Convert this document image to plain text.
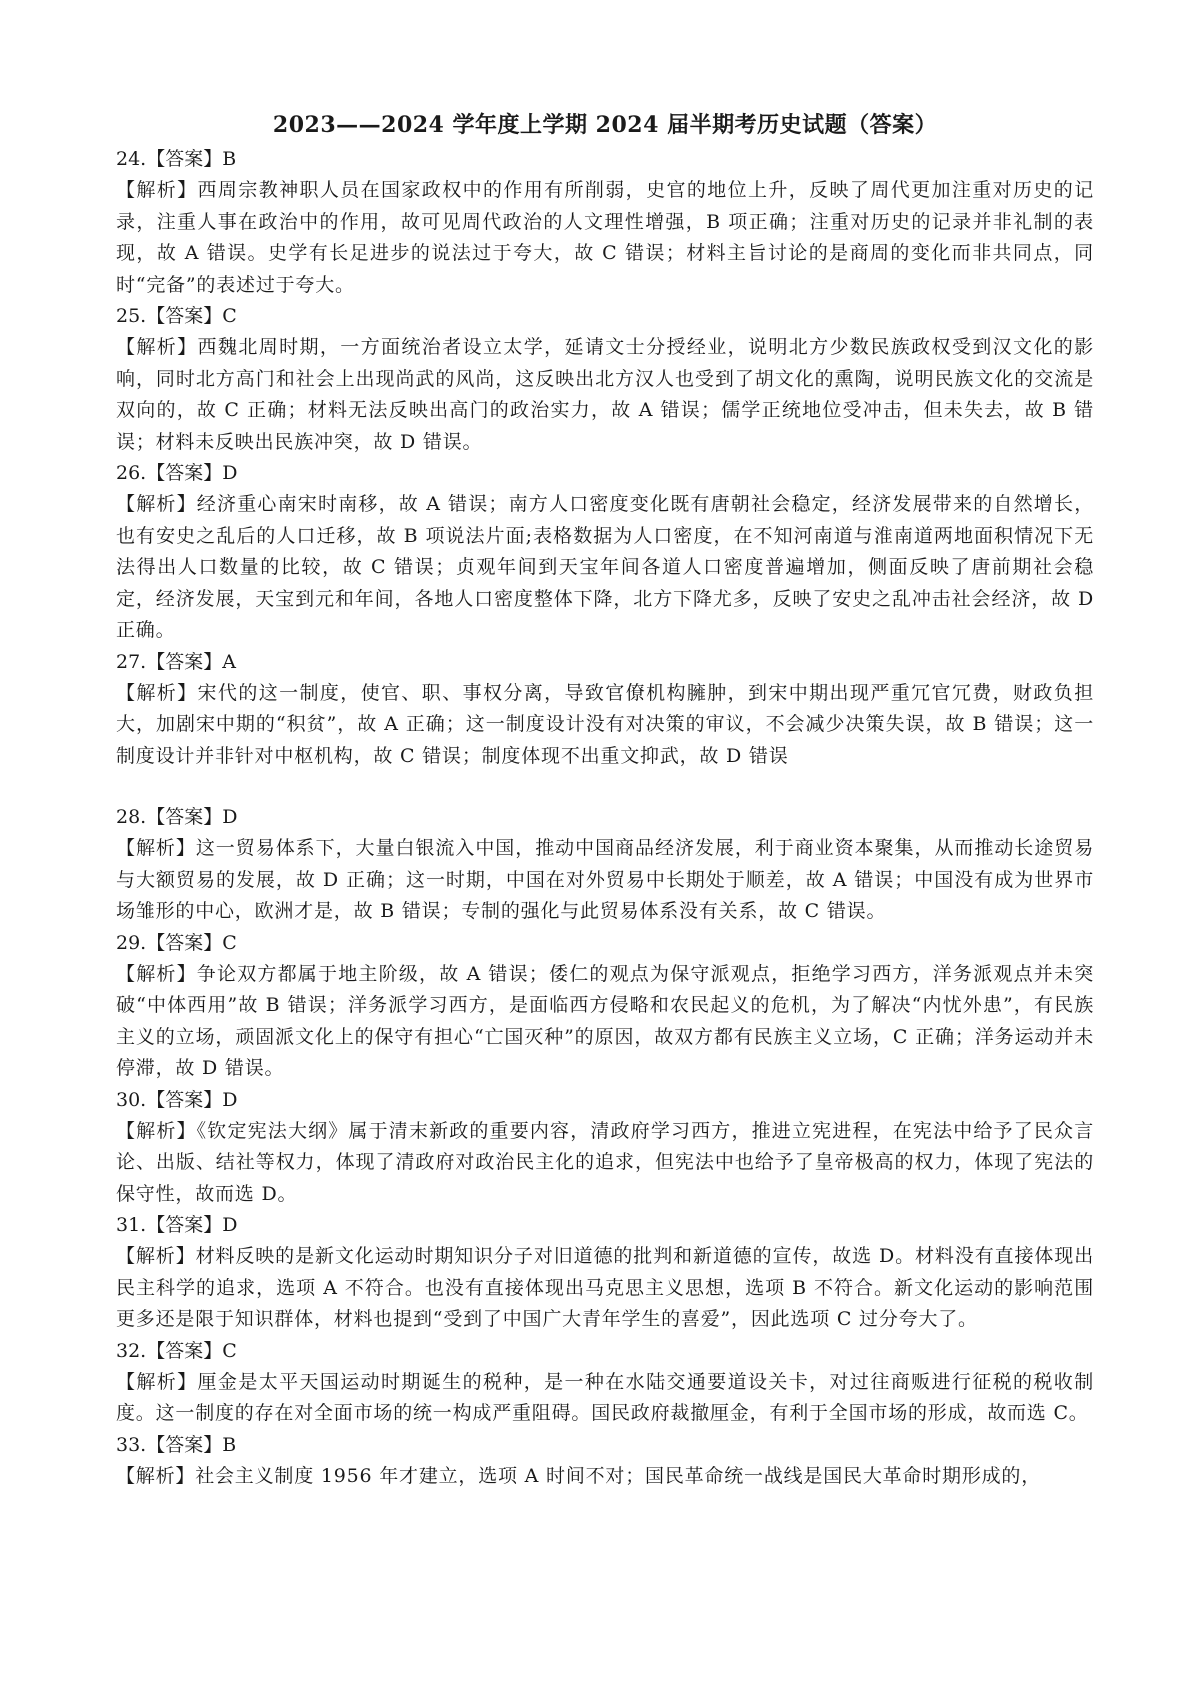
2023——2024 学年度上学期 2024 届半期考历史试题（答案）

24.【答案】B

【解析】西周宗教神职人员在国家政权中的作用有所削弱，史官的地位上升，反映了周代更加注重对历史的记录，注重人事在政治中的作用，故可见周代政治的人文理性增强，B 项正确；注重对历史的记录并非礼制的表现，故 A 错误。史学有长足进步的说法过于夸大，故 C 错误；材料主旨讨论的是商周的变化而非共同点，同时“完备”的表述过于夸大。

25.【答案】C

【解析】西魏北周时期，一方面统治者设立太学，延请文士分授经业，说明北方少数民族政权受到汉文化的影响，同时北方高门和社会上出现尚武的风尚，这反映出北方汉人也受到了胡文化的熏陶，说明民族文化的交流是双向的，故 C 正确；材料无法反映出高门的政治实力，故 A 错误；儒学正统地位受冲击，但未失去，故 B 错误；材料未反映出民族冲突，故 D 错误。

26.【答案】D

【解析】经济重心南宋时南移，故 A 错误；南方人口密度变化既有唐朝社会稳定，经济发展带来的自然增长，也有安史之乱后的人口迁移，故 B 项说法片面;表格数据为人口密度，在不知河南道与淮南道两地面积情况下无法得出人口数量的比较，故 C 错误；贞观年间到天宝年间各道人口密度普遍增加，侧面反映了唐前期社会稳定，经济发展，天宝到元和年间，各地人口密度整体下降，北方下降尤多，反映了安史之乱冲击社会经济，故 D 正确。

27.【答案】A

【解析】宋代的这一制度，使官、职、事权分离，导致官僚机构臃肿，到宋中期出现严重冗官冗费，财政负担大，加剧宋中期的“积贫”，故 A 正确；这一制度设计没有对决策的审议，不会减少决策失误，故 B 错误；这一制度设计并非针对中枢机构，故 C 错误；制度体现不出重文抑武，故 D 错误

28.【答案】D

【解析】这一贸易体系下，大量白银流入中国，推动中国商品经济发展，利于商业资本聚集，从而推动长途贸易与大额贸易的发展，故 D 正确；这一时期，中国在对外贸易中长期处于顺差，故 A 错误；中国没有成为世界市场雏形的中心，欧洲才是，故 B 错误；专制的强化与此贸易体系没有关系，故 C 错误。

29.【答案】C

【解析】争论双方都属于地主阶级，故 A 错误；倭仁的观点为保守派观点，拒绝学习西方，洋务派观点并未突破“中体西用”故 B 错误；洋务派学习西方，是面临西方侵略和农民起义的危机，为了解决“内忧外患”，有民族主义的立场，顽固派文化上的保守有担心“亡国灭种”的原因，故双方都有民族主义立场，C 正确；洋务运动并未停滞，故 D 错误。

30.【答案】D

【解析】《钦定宪法大纲》属于清末新政的重要内容，清政府学习西方，推进立宪进程，在宪法中给予了民众言论、出版、结社等权力，体现了清政府对政治民主化的追求，但宪法中也给予了皇帝极高的权力，体现了宪法的保守性，故而选 D。

31.【答案】D

【解析】材料反映的是新文化运动时期知识分子对旧道德的批判和新道德的宣传，故选 D。材料没有直接体现出民主科学的追求，选项 A 不符合。也没有直接体现出马克思主义思想，选项 B 不符合。新文化运动的影响范围更多还是限于知识群体，材料也提到“受到了中国广大青年学生的喜爱”，因此选项 C 过分夸大了。

32.【答案】C

【解析】厘金是太平天国运动时期诞生的税种，是一种在水陆交通要道设关卡，对过往商贩进行征税的税收制度。这一制度的存在对全面市场的统一构成严重阻碍。国民政府裁撤厘金，有利于全国市场的形成，故而选 C。

33.【答案】B

【解析】社会主义制度 1956 年才建立，选项 A 时间不对；国民革命统一战线是国民大革命时期形成的，
